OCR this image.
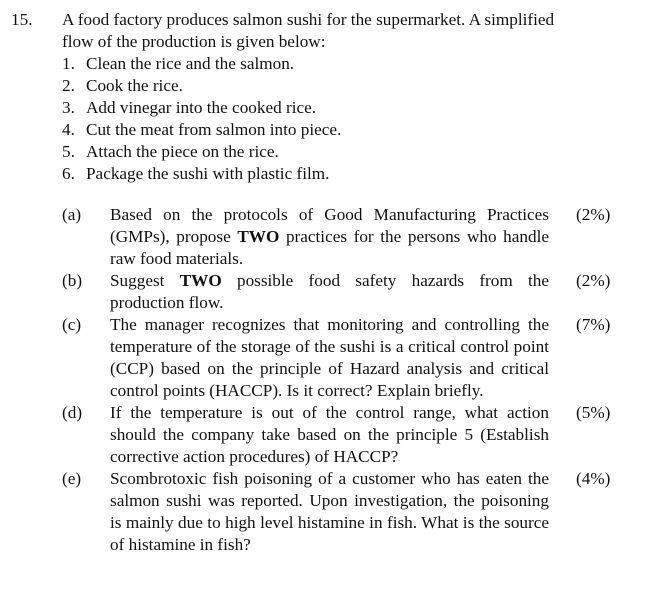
15. A food factory produces salmon sushi for the supermarket. A simplified flow of the production is given below:
1. Clean the rice and the salmon.
2. Cook the rice.
3. Add vinegar into the cooked rice.
4. Cut the meat from salmon into piece.
5. Attach the piece on the rice.
6. Package the sushi with plastic film.
(a) Based on the protocols of Good Manufacturing Practices (GMPs), propose TWO practices for the persons who handle raw food materials.
(2%)
(b) Suggest TWO possible food safety hazards from the production flow.
(2%)
(c) The manager recognizes that monitoring and controlling the temperature of the storage of the sushi is a critical control point (CCP) based on the principle of Hazard analysis and critical control points (HACCP). Is it correct? Explain briefly.
(7%)
(d) If the temperature is out of the control range, what action should the company take based on the principle 5 (Establish corrective action procedures) of HACCP?
(5%)
(e) Scombrotoxic fish poisoning of a customer who has eaten the salmon sushi was reported. Upon investigation, the poisoning is mainly due to high level histamine in fish. What is the source of histamine in fish?
(4%)
